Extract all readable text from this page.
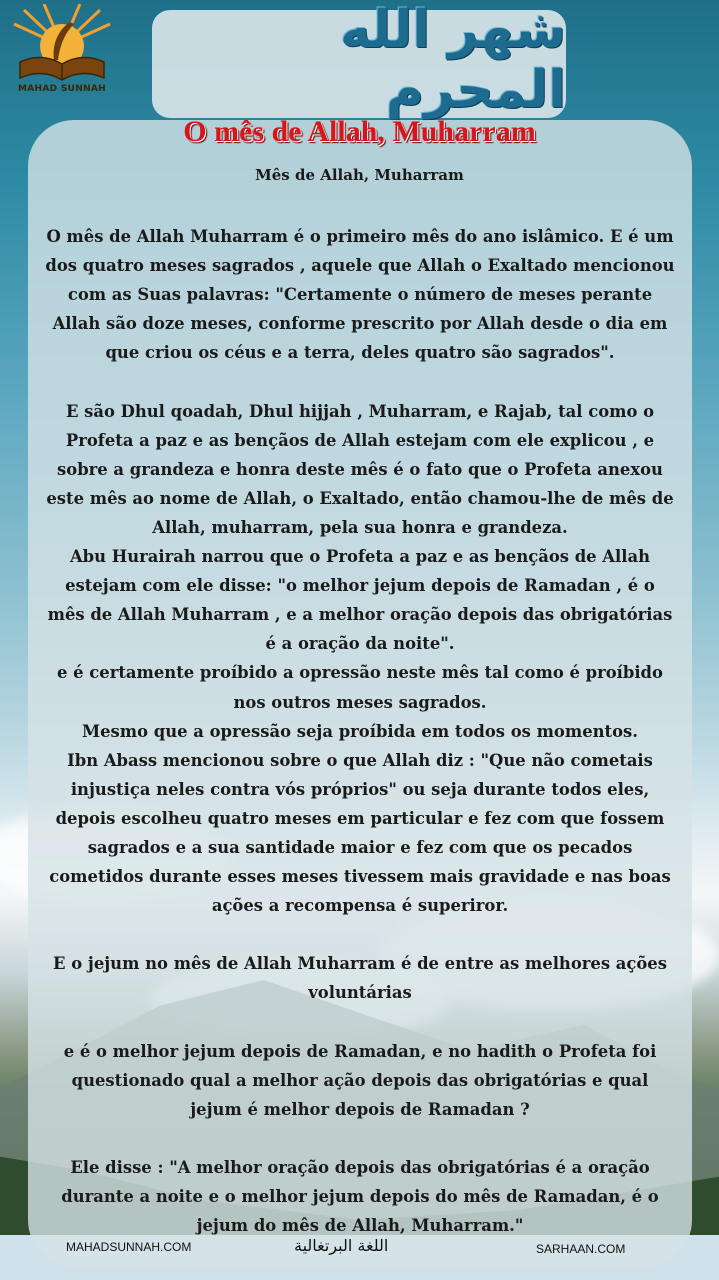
MAHAD SUNNAH
شهر الله المحرم
O mês de Allah, Muharram
Mês de Allah, Muharram

O mês de Allah Muharram é o primeiro mês do ano islâmico. E é um dos quatro meses sagrados , aquele que Allah o Exaltado mencionou com as Suas palavras: "Certamente o número de meses perante Allah são doze meses, conforme prescrito por Allah desde o dia em que criou os céus e a terra, deles quatro são sagrados".

E são Dhul qoadah, Dhul hijjah , Muharram, e Rajab, tal como o Profeta a paz e as bençãos de Allah estejam com ele explicou , e sobre a grandeza e honra deste mês é o fato que o Profeta anexou este mês ao nome de Allah, o Exaltado, então chamou-lhe de mês de Allah, muharram, pela sua honra e grandeza.

Abu Hurairah narrou que o Profeta a paz e as bençãos de Allah estejam com ele disse: "o melhor jejum depois de Ramadan , é o mês de Allah Muharram , e a melhor oração depois das obrigatórias é a oração da noite".

e é certamente proíbido a opressão neste mês tal como é proíbido nos outros meses sagrados.

Mesmo que a opressão seja proíbida em todos os momentos.

Ibn Abass mencionou sobre o que Allah diz : "Que não cometais injustiça neles contra vós próprios" ou seja durante todos eles, depois escolheu quatro meses em particular e fez com que fossem sagrados e a sua santidade maior e fez com que os pecados cometidos durante esses meses tivessem mais gravidade e nas boas ações a recompensa é superiror.

E o jejum no mês de Allah Muharram é de entre as melhores ações voluntárias

e é o melhor jejum depois de Ramadan, e no hadith o Profeta foi questionado qual a melhor ação depois das obrigatórias e qual jejum é melhor depois de Ramadan ?

Ele disse : "A melhor oração depois das obrigatórias é a oração durante a noite e o melhor jejum depois do mês de Ramadan, é o jejum do mês de Allah, Muharram."

MAHADSUNNAH.COM	اللغة البرتغالية	SARHAAN.COM
